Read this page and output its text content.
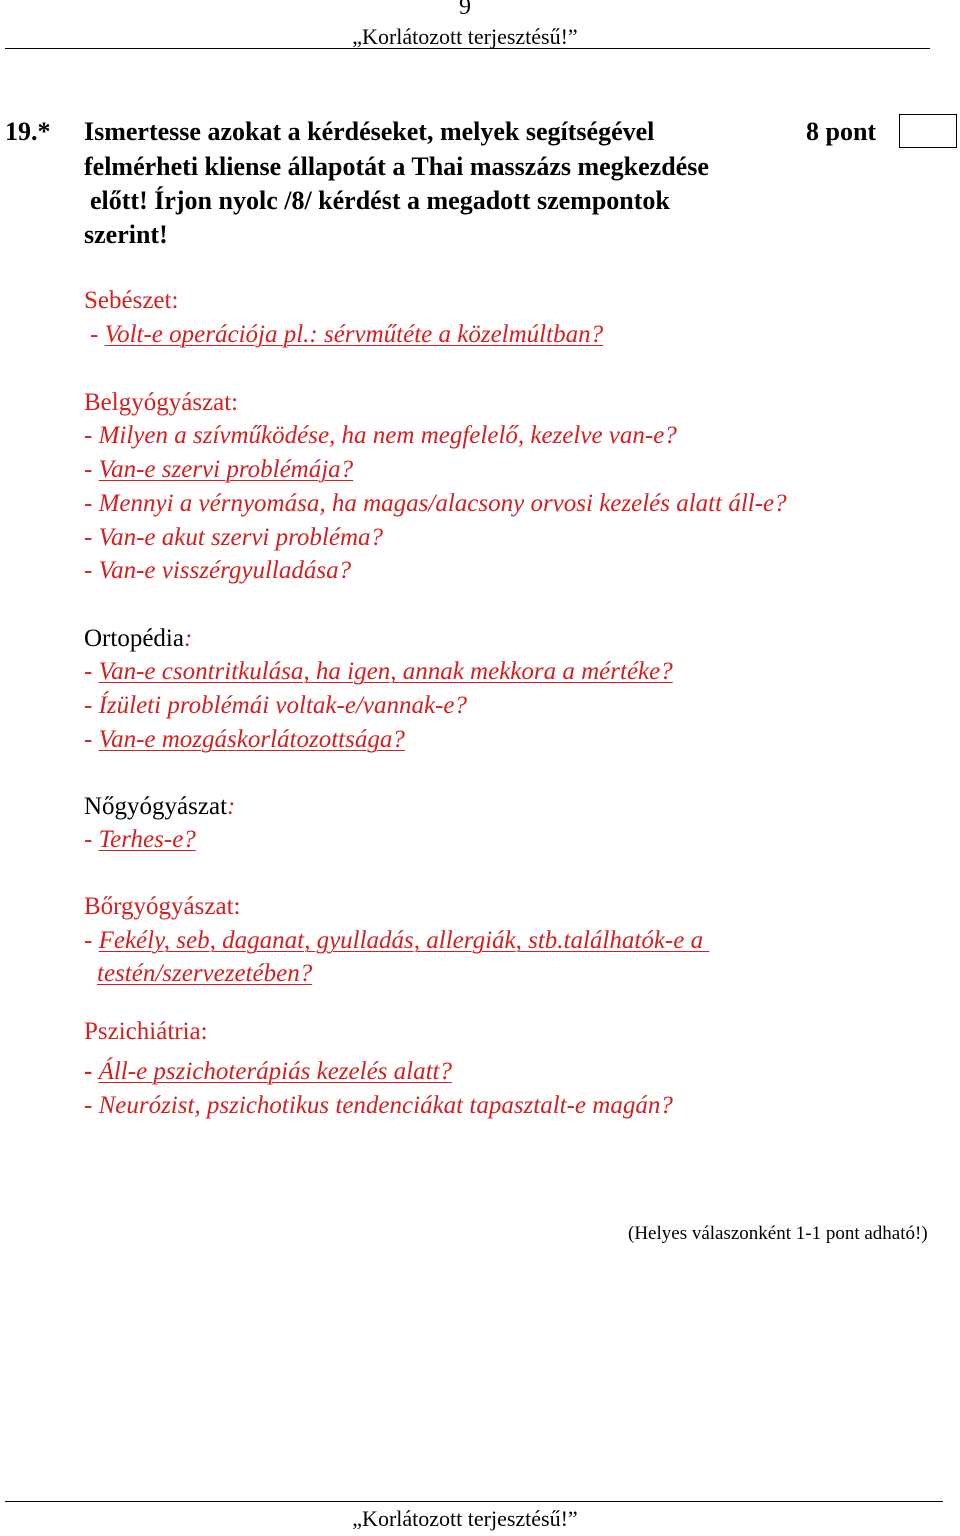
9
„Korlátozott terjesztésű!”
19.* Ismertesse azokat a kérdéseket, melyek segítségével
felmérheti kliense állapotát a Thai masszázs megkezdése
előtt! Írjon nyolc /8/ kérdést a megadott szempontok
szerint!
8 pont
Sebészet:
- Volt-e operációja pl.: sérvműtéte a közelmúltban?
Belgyógyászat:
- Milyen a szívműködése, ha nem megfelelő, kezelve van-e?
- Van-e szervi problémája?
- Mennyi a vérnyomása, ha magas/alacsony orvosi kezelés alatt áll-e?
- Van-e akut szervi probléma?
- Van-e visszérgyulladása?
Ortopédia:
- Van-e csontritkulása, ha igen, annak mekkora a mértéke?
- Ízületi problémái voltak-e/vannak-e?
- Van-e mozgáskorlátozottsága?
Nőgyógyászat:
- Terhes-e?
Bőrgyógyászat:
- Fekély, seb, daganat, gyulladás, allergiák, stb.találhatók-e a
testén/szervezetében?
Pszichiátria:
- Áll-e pszichoterápiás kezelés alatt?
- Neurózist, pszichotikus tendenciákat tapasztalt-e magán?
(Helyes válaszonként 1-1 pont adható!)
„Korlátozott terjesztésű!”
